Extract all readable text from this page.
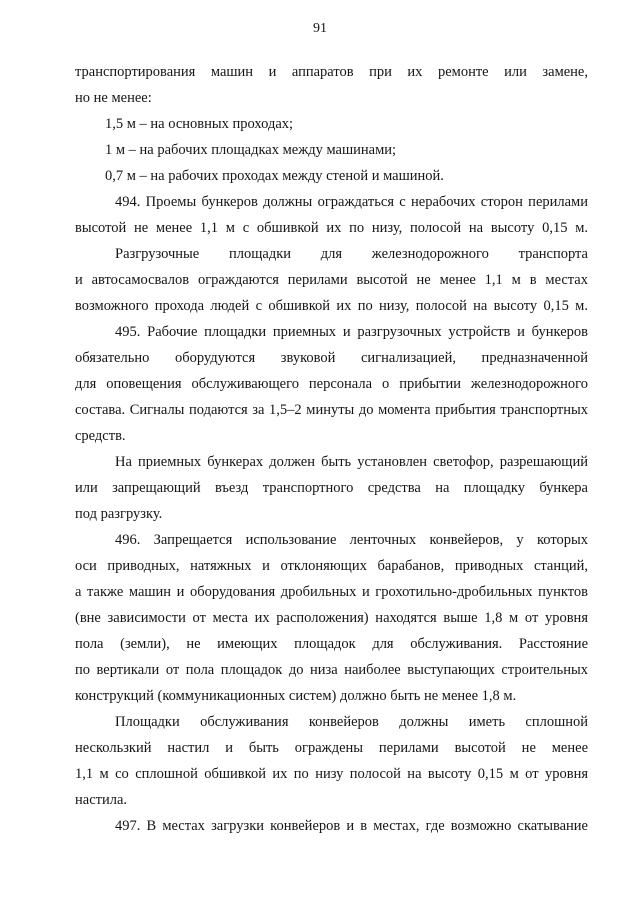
91
транспортирования машин и аппаратов при их ремонте или замене,
но не менее:
1,5 м – на основных проходах;
1 м – на рабочих площадках между машинами;
0,7 м – на рабочих проходах между стеной и машиной.
494. Проемы бункеров должны ограждаться с нерабочих сторон перилами
высотой не менее 1,1 м с обшивкой их по низу, полосой на высоту 0,15 м.
Разгрузочные площадки для железнодорожного транспорта
и автосамосвалов ограждаются перилами высотой не менее 1,1 м в местах
возможного прохода людей с обшивкой их по низу, полосой на высоту 0,15 м.
495. Рабочие площадки приемных и разгрузочных устройств и бункеров
обязательно оборудуются звуковой сигнализацией, предназначенной
для оповещения обслуживающего персонала о прибытии железнодорожного
состава. Сигналы подаются за 1,5–2 минуты до момента прибытия транспортных
средств.
На приемных бункерах должен быть установлен светофор, разрешающий
или запрещающий въезд транспортного средства на площадку бункера
под разгрузку.
496. Запрещается использование ленточных конвейеров, у которых
оси приводных, натяжных и отклоняющих барабанов, приводных станций,
а также машин и оборудования дробильных и грохотильно-дробильных пунктов
(вне зависимости от места их расположения) находятся выше 1,8 м от уровня
пола (земли), не имеющих площадок для обслуживания. Расстояние
по вертикали от пола площадок до низа наиболее выступающих строительных
конструкций (коммуникационных систем) должно быть не менее 1,8 м.
Площадки обслуживания конвейеров должны иметь сплошной
нескользкий настил и быть ограждены перилами высотой не менее
1,1 м со сплошной обшивкой их по низу полосой на высоту 0,15 м от уровня
настила.
497. В местах загрузки конвейеров и в местах, где возможно скатывание
